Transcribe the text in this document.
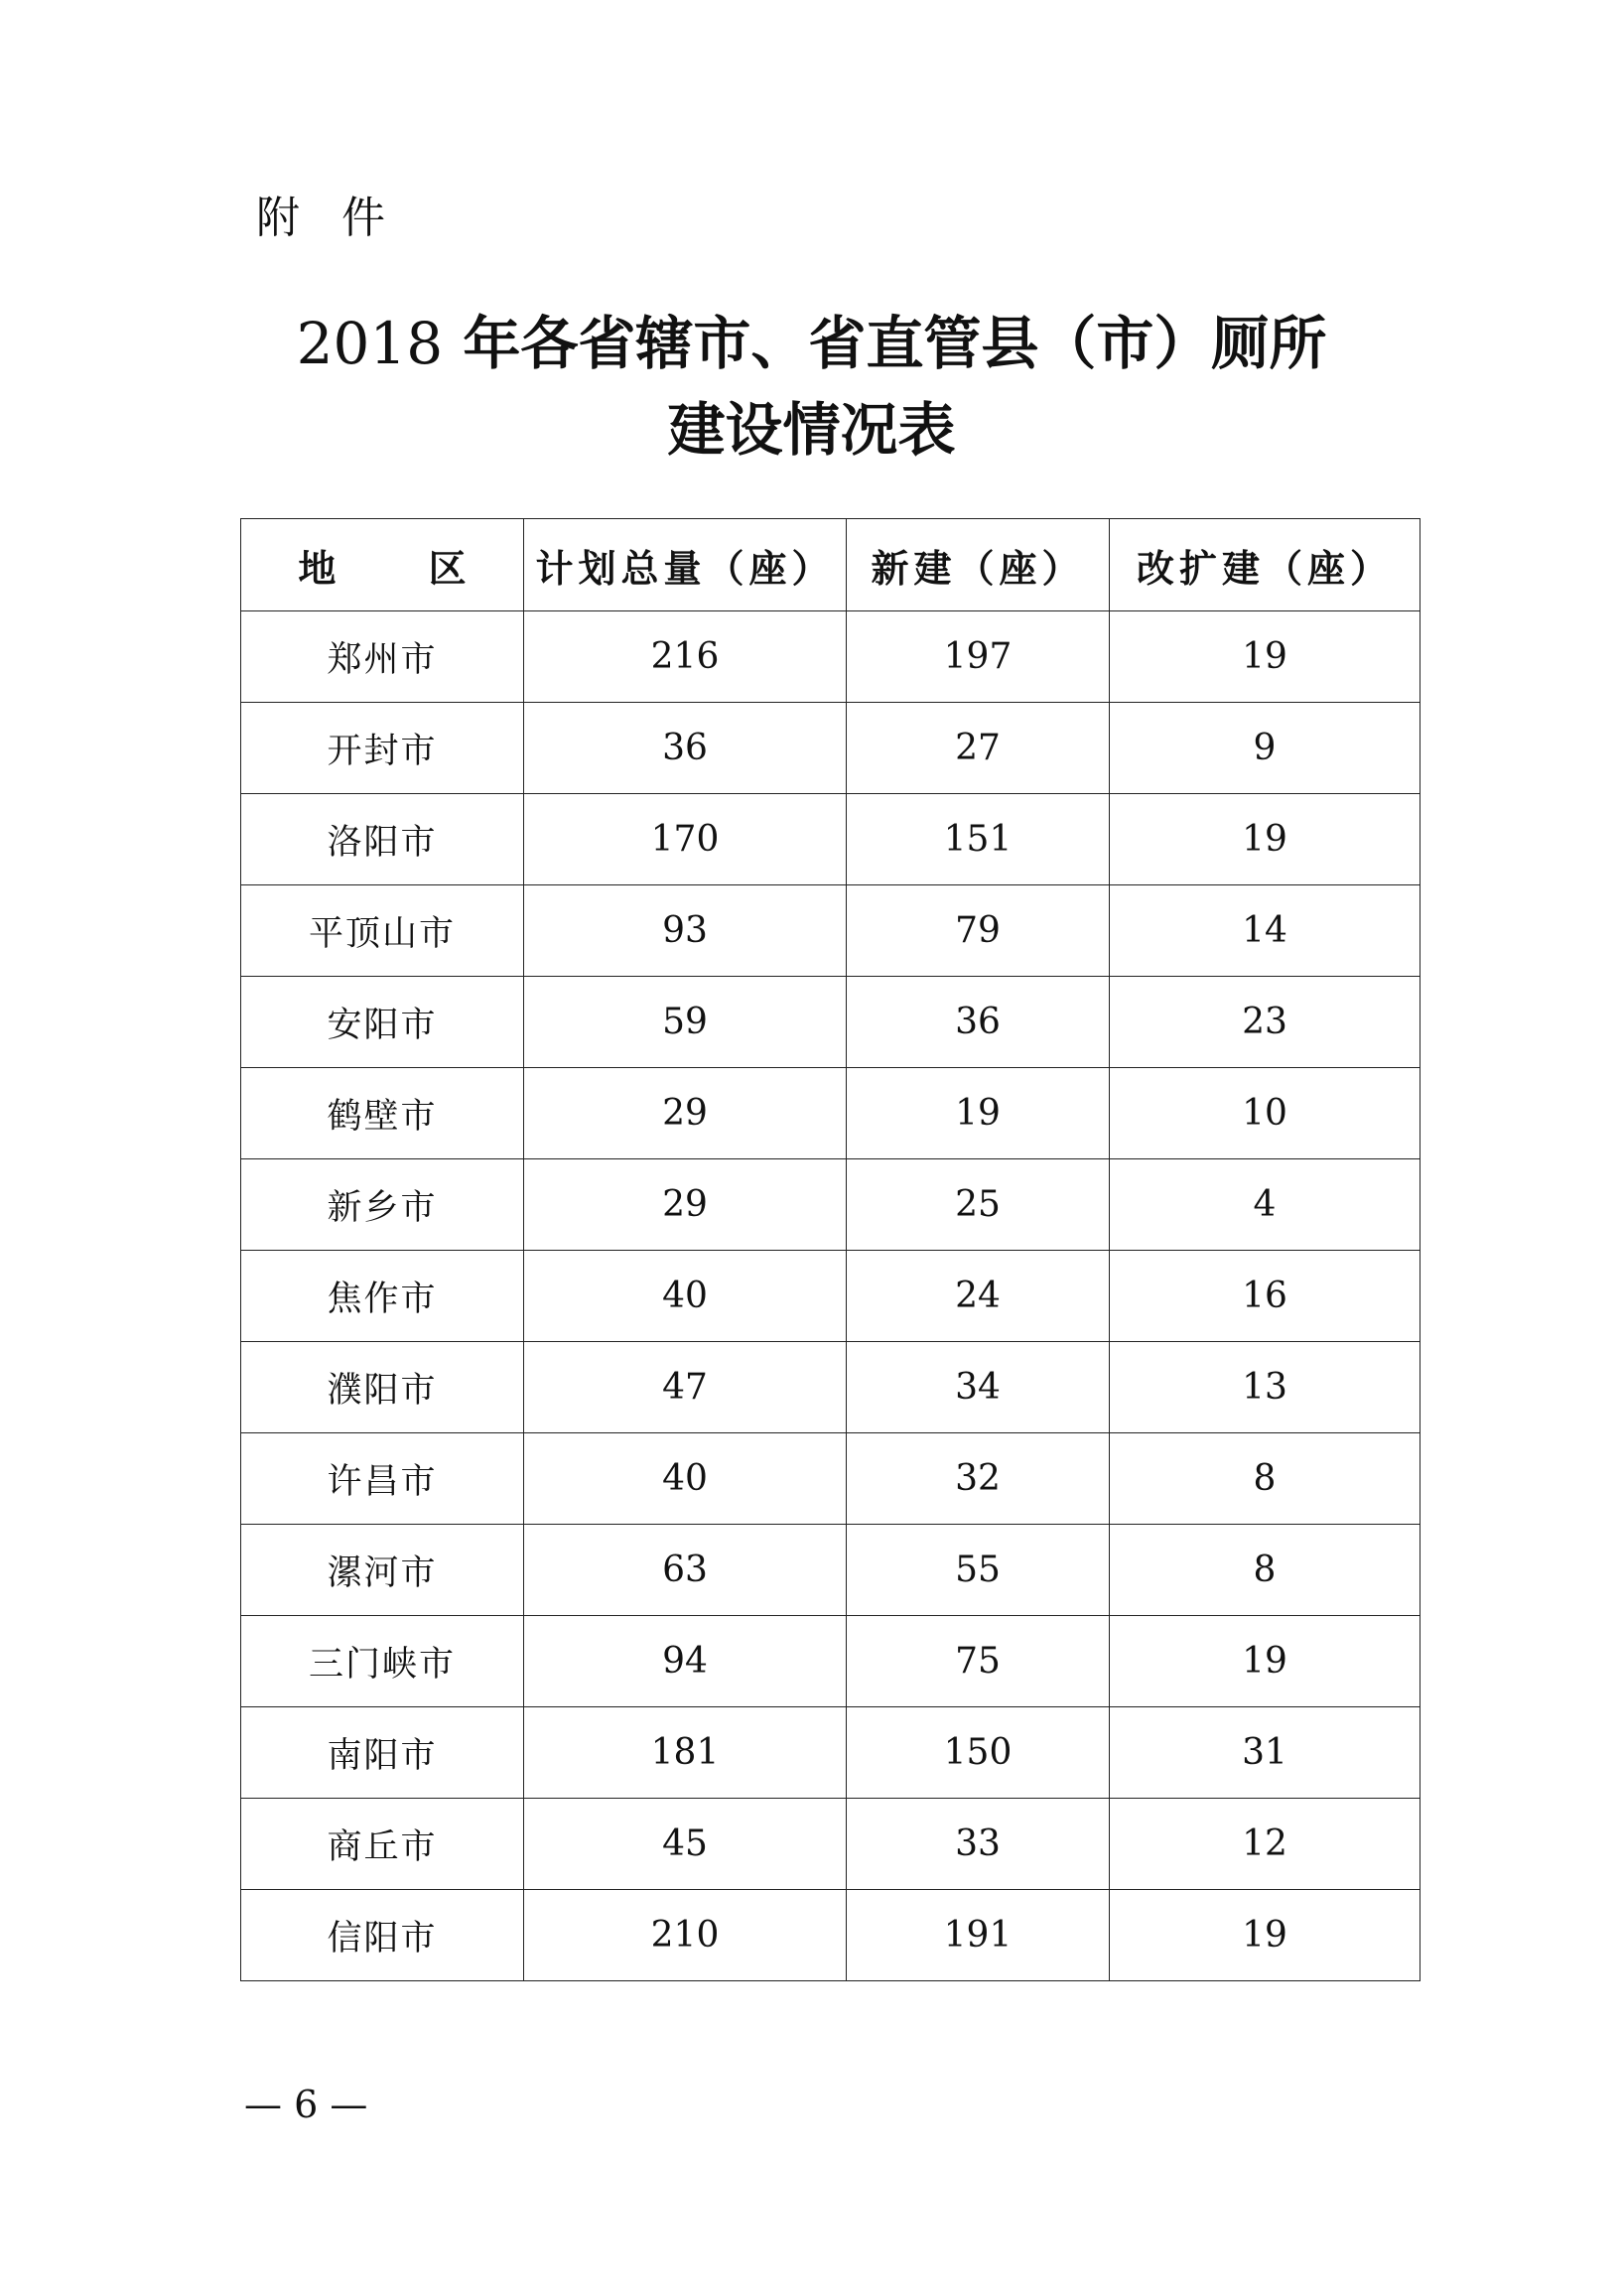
附 件
2018 年各省辖市、省直管县（市）厕所
建设情况表
地 区	计划总量（座）	新建（座）	改扩建（座）
郑州市	216	197	19
开封市	36	27	9
洛阳市	170	151	19
平顶山市	93	79	14
安阳市	59	36	23
鹤壁市	29	19	10
新乡市	29	25	4
焦作市	40	24	16
濮阳市	47	34	13
许昌市	40	32	8
漯河市	63	55	8
三门峡市	94	75	19
南阳市	181	150	31
商丘市	45	33	12
信阳市	210	191	19
— 6 —
